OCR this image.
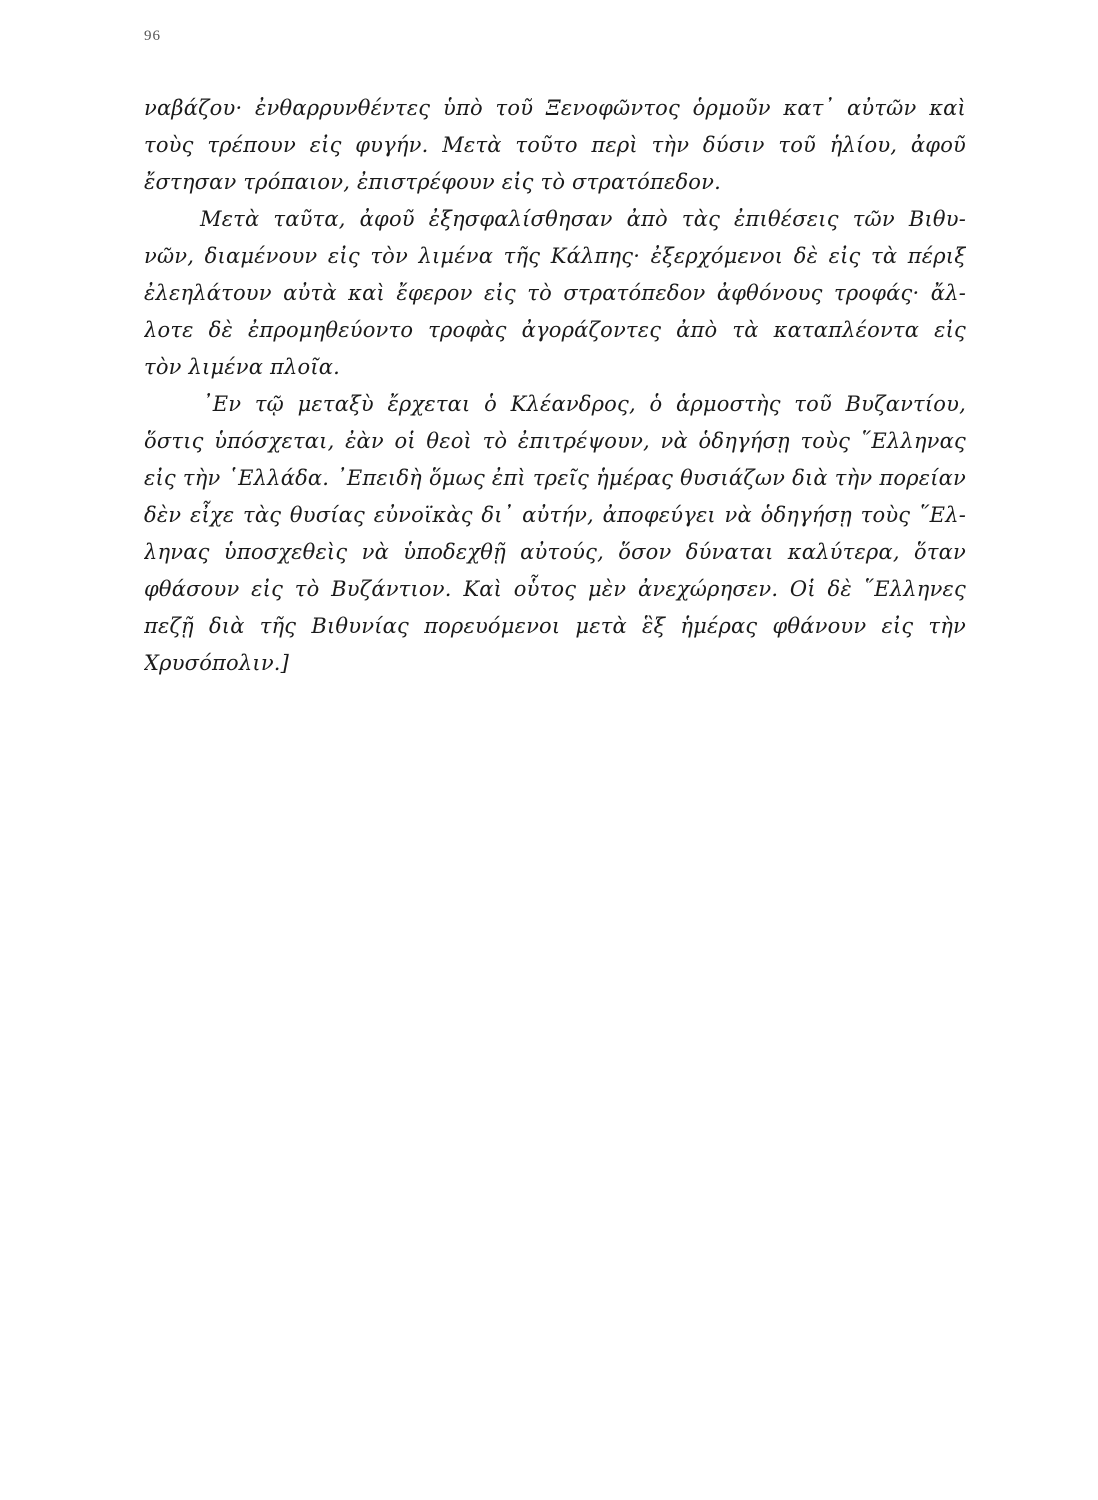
96
ναβάζου· ἐνθαρρυνθέντες ὑπὸ τοῦ Ξενοφῶντος ὁρμοῦν κατ᾽ αὐτῶν καὶ
τοὺς τρέπουν εἰς φυγήν. Μετὰ τοῦτο περὶ τὴν δύσιν τοῦ ἡλίου, ἀφοῦ
ἔστησαν τρόπαιον, ἐπιστρέφουν εἰς τὸ στρατόπεδον.
Μετὰ ταῦτα, ἀφοῦ ἐξησφαλίσθησαν ἀπὸ τὰς ἐπιθέσεις τῶν Βιθυ-
νῶν, διαμένουν εἰς τὸν λιμένα τῆς Κάλπης· ἐξερχόμενοι δὲ εἰς τὰ πέριξ
ἐλεηλάτουν αὐτὰ καὶ ἔφερον εἰς τὸ στρατόπεδον ἀφθόνους τροφάς· ἄλ-
λοτε δὲ ἐπρομηθεύοντο τροφὰς ἀγοράζοντες ἀπὸ τὰ καταπλέοντα εἰς
τὸν λιμένα πλοῖα.
᾽Εν τῷ μεταξὺ ἔρχεται ὁ Κλέανδρος, ὁ ἁρμοστὴς τοῦ Βυζαντίου,
ὅστις ὑπόσχεται, ἐὰν οἱ θεοὶ τὸ ἐπιτρέψουν, νὰ ὁδηγήσῃ τοὺς ῞Ελληνας
εἰς τὴν ῾Ελλάδα. ᾽Επειδὴ ὅμως ἐπὶ τρεῖς ἡμέρας θυσιάζων διὰ τὴν πορείαν
δὲν εἶχε τὰς θυσίας εὐνοϊκὰς δι᾽ αὐτήν, ἀποφεύγει νὰ ὁδηγήσῃ τοὺς ῞Ελ-
ληνας ὑποσχεθεὶς νὰ ὑποδεχθῇ αὐτούς, ὅσον δύναται καλύτερα, ὅταν
φθάσουν εἰς τὸ Βυζάντιον. Καὶ οὗτος μὲν ἀνεχώρησεν. Οἱ δὲ ῞Ελληνες
πεζῇ διὰ τῆς Βιθυνίας πορευόμενοι μετὰ ἓξ ἡμέρας φθάνουν εἰς τὴν
Χρυσόπολιν.]
